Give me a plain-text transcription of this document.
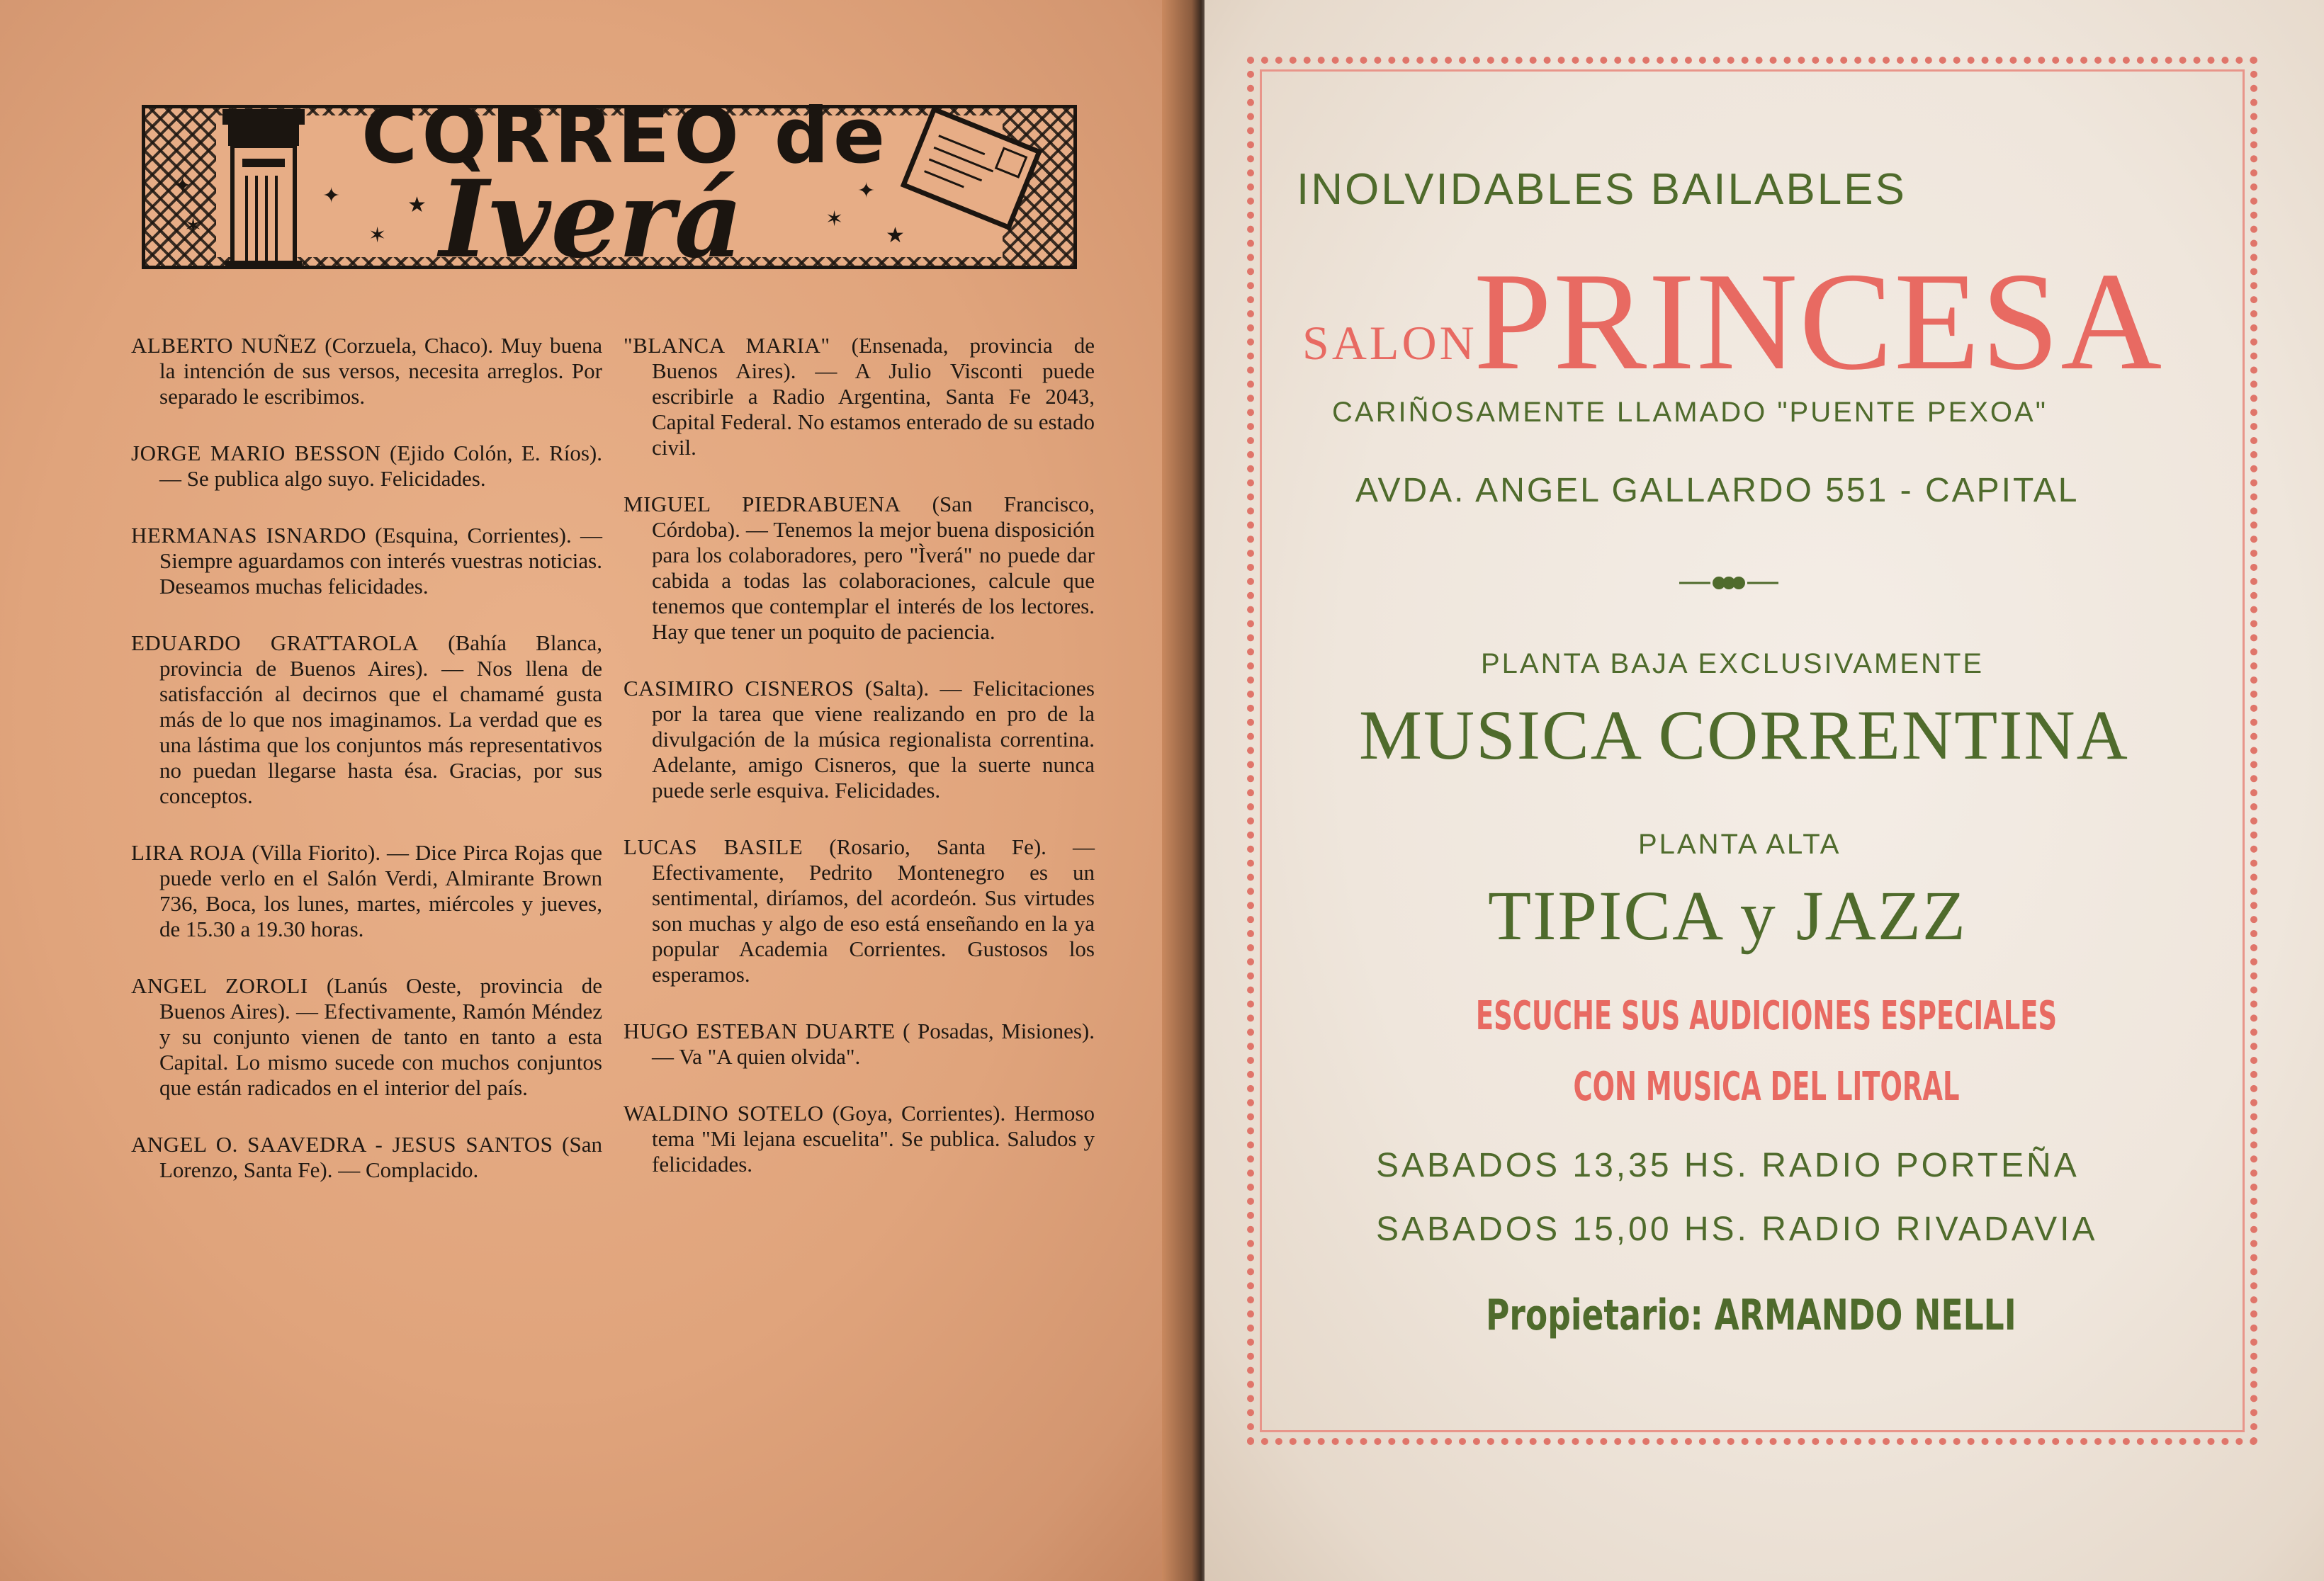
✦
✶
✦
✶
★
✶
✦
★
CORREO de
Ìverá

ALBERTO NUÑEZ (Corzuela, Chaco). Muy buena la intención de sus versos, necesita arreglos. Por separado le escribimos.

JORGE MARIO BESSON (Ejido Colón, E. Ríos). — Se publica algo suyo. Felicidades.

HERMANAS ISNARDO (Esquina, Corrientes). — Siempre aguardamos con interés vuestras noticias. Deseamos muchas felicidades.

EDUARDO GRATTAROLA (Bahía Blanca, provincia de Buenos Aires). — Nos llena de satisfacción al decirnos que el chamamé gusta más de lo que nos imaginamos. La verdad que es una lástima que los conjuntos más representativos no puedan llegarse hasta ésa. Gracias, por sus conceptos.

LIRA ROJA (Villa Fiorito). — Dice Pirca Rojas que puede verlo en el Salón Verdi, Almirante Brown 736, Boca, los lunes, martes, miércoles y jueves, de 15.30 a 19.30 horas.

ANGEL ZOROLI (Lanús Oeste, provincia de Buenos Aires). — Efectivamente, Ramón Méndez y su conjunto vienen de tanto en tanto a esta Capital. Lo mismo sucede con muchos conjuntos que están radicados en el interior del país.

ANGEL O. SAAVEDRA - JESUS SANTOS (San Lorenzo, Santa Fe). — Complacido.

"BLANCA MARIA" (Ensenada, provincia de Buenos Aires). — A Julio Visconti puede escribirle a Radio Argentina, Santa Fe 2043, Capital Federal. No estamos enterado de su estado civil.

MIGUEL PIEDRABUENA (San Francisco, Córdoba). — Tenemos la mejor buena disposición para los colaboradores, pero "Ìverá" no puede dar cabida a todas las colaboraciones, calcule que tenemos que contemplar el interés de los lectores. Hay que tener un poquito de paciencia.

CASIMIRO CISNEROS (Salta). — Felicitaciones por la tarea que viene realizando en pro de la divulgación de la música regionalista correntina. Adelante, amigo Cisneros, que la suerte nunca puede serle esquiva. Felicidades.

LUCAS BASILE (Rosario, Santa Fe). — Efectivamente, Pedrito Montenegro es un sentimental, diríamos, del acordeón. Sus virtudes son muchas y algo de eso está enseñando en la ya popular Academia Corrientes. Gustosos los esperamos.

HUGO ESTEBAN DUARTE ( Posadas, Misiones). — Va "A quien olvida".

WALDINO SOTELO (Goya, Corrientes). Hermoso tema "Mi lejana escuelita". Se publica. Saludos y felicidades.

INOLVIDABLES BAILABLES
SALON
PRINCESA
CARIÑOSAMENTE LLAMADO "PUENTE PEXOA"
AVDA. ANGEL GALLARDO 551 - CAPITAL
PLANTA BAJA EXCLUSIVAMENTE
MUSICA CORRENTINA
PLANTA ALTA
TIPICA y JAZZ
ESCUCHE SUS AUDICIONES ESPECIALES CON MUSICA DEL LITORAL
SABADOS 13,35 HS. RADIO PORTEÑA
SABADOS 15,00 HS. RADIO RIVADAVIA
Propietario: ARMANDO NELLI
